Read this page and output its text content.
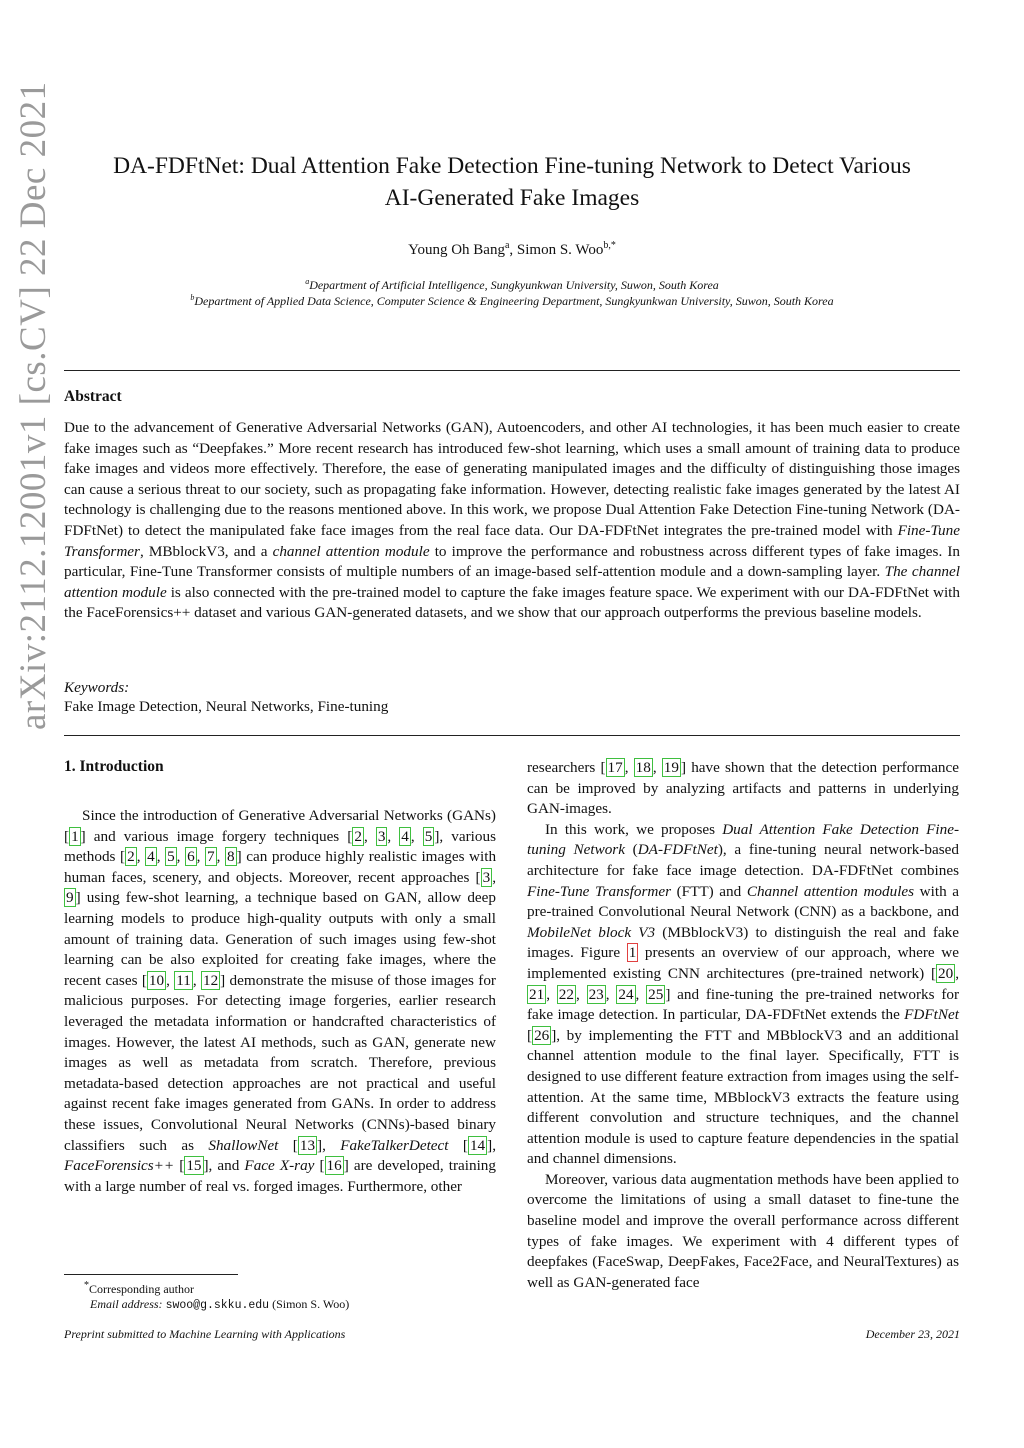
arXiv:2112.12001v1 [cs.CV] 22 Dec 2021	DA-FDFtNet: Dual Attention Fake Detection Fine-tuning Network to Detect Various
AI-Generated Fake Images
Young Oh Bang$^a$, Simon S. Woo$^{b,*}$
$^a$Department of Artificial Intelligence, Sungkyunkwan University, Suwon, South Korea
$^b$Department of Applied Data Science, Computer Science & Engineering Department, Sungkyunkwan University, Suwon, South Korea
Abstract
Due to the advancement of Generative Adversarial Networks (GAN), Autoencoders, and other AI technologies, it has been much easier to create fake images such as “Deepfakes.” More recent research has introduced few-shot learning, which uses a small amount of training data to produce fake images and videos more effectively. Therefore, the ease of generating manipulated images and the difficulty of distinguishing those images can cause a serious threat to our society, such as propagating fake information. However, detecting realistic fake images generated by the latest AI technology is challenging due to the reasons mentioned above. In this work, we propose Dual Attention Fake Detection Fine-tuning Network (DA-FDFtNet) to detect the manipulated fake face images from the real face data. Our DA-FDFtNet integrates the pre-trained model with Fine-Tune Transformer, MBblockV3, and a channel attention module to improve the performance and robustness across different types of fake images. In particular, Fine-Tune Transformer consists of multiple numbers of an image-based self-attention module and a down-sampling layer. The channel attention module is also connected with the pre-trained model to capture the fake images feature space. We experiment with our DA-FDFtNet with the FaceForensics++ dataset and various GAN-generated datasets, and we show that our approach outperforms the previous baseline models.
Keywords:
Fake Image Detection, Neural Networks, Fine-tuning
1. Introduction

Since the introduction of Generative Adversarial Networks (GANs)[ 1 ] and various image forgery techniques [ 2 , 3 , 4 , 5 ], various methods [ 2 , 4 , 5 , 6 , 7 , 8 ] can produce highly realistic images with human faces, scenery, and objects. Moreover, recent approaches [ 3 , 9 ] using few-shot learning, a technique based on GAN, allow deep learning models to produce high-quality outputs with only a small amount of training data. Generation of such images using few-shot learning can be also exploited for creating fake images, where the recent cases [ 10 , 11 , 12 ] demonstrate the misuse of those images for malicious purposes. For detecting image forgeries, earlier research leveraged the metadata information or handcrafted characteristics of images. However, the latest AI methods, such as GAN, generate new images as well as metadata from scratch. Therefore, previous metadata-based detection approaches are not practical and useful against recent fake images generated from GANs. In order to address these issues, Convolutional Neural Networks (CNNs)-based binary classifiers such as ShallowNet [ 13 ], FakeTalkerDetect [ 14 ], FaceForensics++ [ 15 ], and Face X-ray [ 16 ] are developed, training with a large number of real vs. forged images. Furthermore, other

researchers [ 17 , 18 , 19 ] have shown that the detection performance can be improved by analyzing artifacts and patterns in underlying GAN-images.

In this work, we proposes Dual Attention Fake Detection Fine-tuning Network (DA-FDFtNet), a fine-tuning neural network-based architecture for fake face image detection. DA-FDFtNet combines Fine-Tune Transformer (FTT) and Channel attention modules with a pre-trained Convolutional Neural Network (CNN) as a backbone, and MobileNet block V3 (MBblockV3) to distinguish the real and fake images. Figure 1 presents an overview of our approach, where we implemented existing CNN architectures (pre-trained network) [ 20 , 21 , 22 , 23 , 24 , 25 ] and fine-tuning the pre-trained networks for fake image detection. In particular, DA-FDFtNet extends the FDFtNet [ 26 ], by implementing the FTT and MBblockV3 and an additional channel attention module to the final layer. Specifically, FTT is designed to use different feature extraction from images using the self-attention. At the same time, MBblockV3 extracts the feature using different convolution and structure techniques, and the channel attention module is used to capture feature dependencies in the spatial and channel dimensions.

Moreover, various data augmentation methods have been applied to overcome the limitations of using a small dataset to fine-tune the baseline model and improve the overall performance across different types of fake images. We experiment with 4 different types of deepfakes (FaceSwap, DeepFakes, Face2Face, and NeuralTextures) as well as GAN-generated face

*Corresponding author
Email address: swoo@g.skku.edu (Simon S. Woo)
Preprint submitted to Machine Learning with Applications	December 23, 2021
